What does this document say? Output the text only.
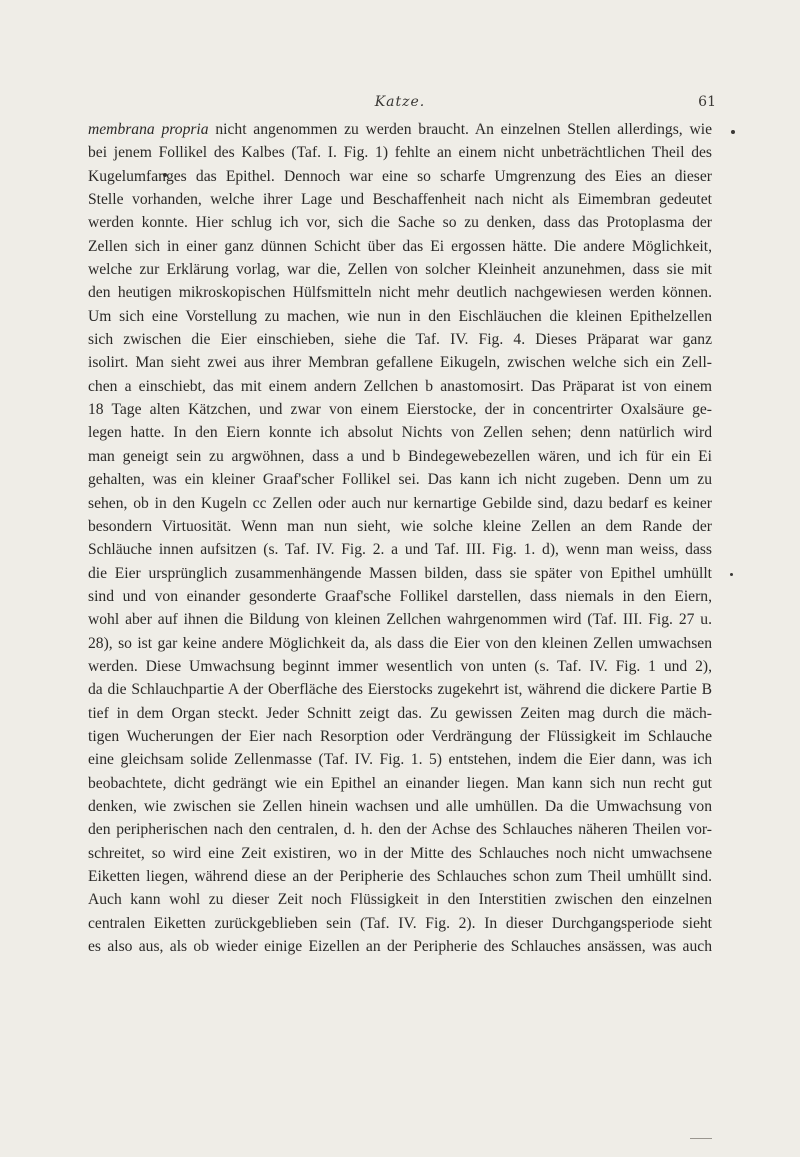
Katze.	61
membrana propria nicht angenommen zu werden braucht. An einzelnen Stellen allerdings, wie
bei jenem Follikel des Kalbes (Taf. I. Fig. 1) fehlte an einem nicht unbeträchtlichen Theil des
Kugelumfanges das Epithel. Dennoch war eine so scharfe Umgrenzung des Eies an dieser
Stelle vorhanden, welche ihrer Lage und Beschaffenheit nach nicht als Eimembran gedeutet
werden konnte. Hier schlug ich vor, sich die Sache so zu denken, dass das Protoplasma der
Zellen sich in einer ganz dünnen Schicht über das Ei ergossen hätte. Die andere Möglichkeit,
welche zur Erklärung vorlag, war die, Zellen von solcher Kleinheit anzunehmen, dass sie mit
den heutigen mikroskopischen Hülfsmitteln nicht mehr deutlich nachgewiesen werden können.
Um sich eine Vorstellung zu machen, wie nun in den Eischläuchen die kleinen Epithelzellen
sich zwischen die Eier einschieben, siehe die Taf. IV. Fig. 4. Dieses Präparat war ganz
isolirt. Man sieht zwei aus ihrer Membran gefallene Eikugeln, zwischen welche sich ein Zell-
chen a einschiebt, das mit einem andern Zellchen b anastomosirt. Das Präparat ist von einem
18 Tage alten Kätzchen, und zwar von einem Eierstocke, der in concentrirter Oxalsäure ge-
legen hatte. In den Eiern konnte ich absolut Nichts von Zellen sehen; denn natürlich wird
man geneigt sein zu argwöhnen, dass a und b Bindegewebezellen wären, und ich für ein Ei
gehalten, was ein kleiner Graaf'scher Follikel sei. Das kann ich nicht zugeben. Denn um zu
sehen, ob in den Kugeln cc Zellen oder auch nur kernartige Gebilde sind, dazu bedarf es keiner
besondern Virtuosität. Wenn man nun sieht, wie solche kleine Zellen an dem Rande der
Schläuche innen aufsitzen (s. Taf. IV. Fig. 2. a und Taf. III. Fig. 1. d), wenn man weiss, dass
die Eier ursprünglich zusammenhängende Massen bilden, dass sie später von Epithel umhüllt
sind und von einander gesonderte Graaf'sche Follikel darstellen, dass niemals in den Eiern,
wohl aber auf ihnen die Bildung von kleinen Zellchen wahrgenommen wird (Taf. III. Fig. 27 u.
28), so ist gar keine andere Möglichkeit da, als dass die Eier von den kleinen Zellen umwachsen
werden. Diese Umwachsung beginnt immer wesentlich von unten (s. Taf. IV. Fig. 1 und 2),
da die Schlauchpartie A der Oberfläche des Eierstocks zugekehrt ist, während die dickere Partie B
tief in dem Organ steckt. Jeder Schnitt zeigt das. Zu gewissen Zeiten mag durch die mäch-
tigen Wucherungen der Eier nach Resorption oder Verdrängung der Flüssigkeit im Schlauche
eine gleichsam solide Zellenmasse (Taf. IV. Fig. 1. 5) entstehen, indem die Eier dann, was ich
beobachtete, dicht gedrängt wie ein Epithel an einander liegen. Man kann sich nun recht gut
denken, wie zwischen sie Zellen hinein wachsen und alle umhüllen. Da die Umwachsung von
den peripherischen nach den centralen, d. h. den der Achse des Schlauches näheren Theilen vor-
schreitet, so wird eine Zeit existiren, wo in der Mitte des Schlauches noch nicht umwachsene
Eiketten liegen, während diese an der Peripherie des Schlauches schon zum Theil umhüllt sind.
Auch kann wohl zu dieser Zeit noch Flüssigkeit in den Interstitien zwischen den einzelnen
centralen Eiketten zurückgeblieben sein (Taf. IV. Fig. 2). In dieser Durchgangsperiode sieht
es also aus, als ob wieder einige Eizellen an der Peripherie des Schlauches ansässen, was auch
